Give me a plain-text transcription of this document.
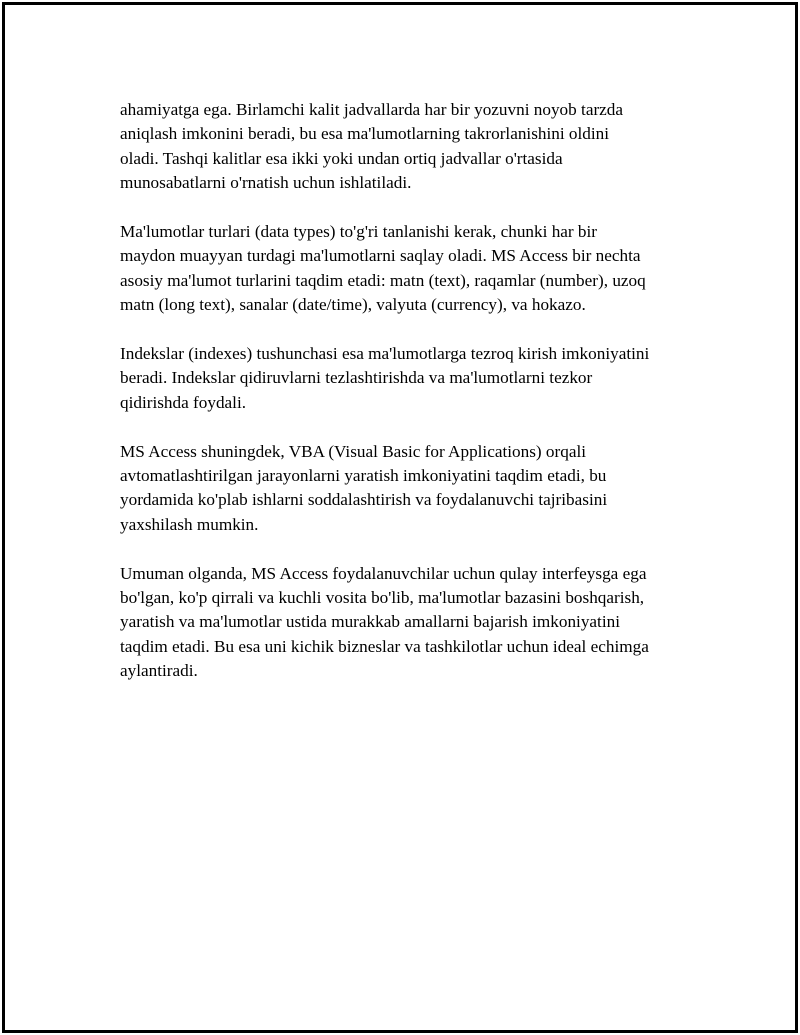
ahamiyatga ega. Birlamchi kalit jadvallarda har bir yozuvni noyob tarzda
aniqlash imkonini beradi, bu esa ma'lumotlarning takrorlanishini oldini
oladi. Tashqi kalitlar esa ikki yoki undan ortiq jadvallar o'rtasida
munosabatlarni o'rnatish uchun ishlatiladi.

Ma'lumotlar turlari (data types) to'g'ri tanlanishi kerak, chunki har bir
maydon muayyan turdagi ma'lumotlarni saqlay oladi. MS Access bir nechta
asosiy ma'lumot turlarini taqdim etadi: matn (text), raqamlar (number), uzoq
matn (long text), sanalar (date/time), valyuta (currency), va hokazo.

Indekslar (indexes) tushunchasi esa ma'lumotlarga tezroq kirish imkoniyatini
beradi. Indekslar qidiruvlarni tezlashtirishda va ma'lumotlarni tezkor
qidirishda foydali.

MS Access shuningdek, VBA (Visual Basic for Applications) orqali
avtomatlashtirilgan jarayonlarni yaratish imkoniyatini taqdim etadi, bu
yordamida ko'plab ishlarni soddalashtirish va foydalanuvchi tajribasini
yaxshilash mumkin.

Umuman olganda, MS Access foydalanuvchilar uchun qulay interfeysga ega
bo'lgan, ko'p qirrali va kuchli vosita bo'lib, ma'lumotlar bazasini boshqarish,
yaratish va ma'lumotlar ustida murakkab amallarni bajarish imkoniyatini
taqdim etadi. Bu esa uni kichik bizneslar va tashkilotlar uchun ideal echimga
aylantiradi.
